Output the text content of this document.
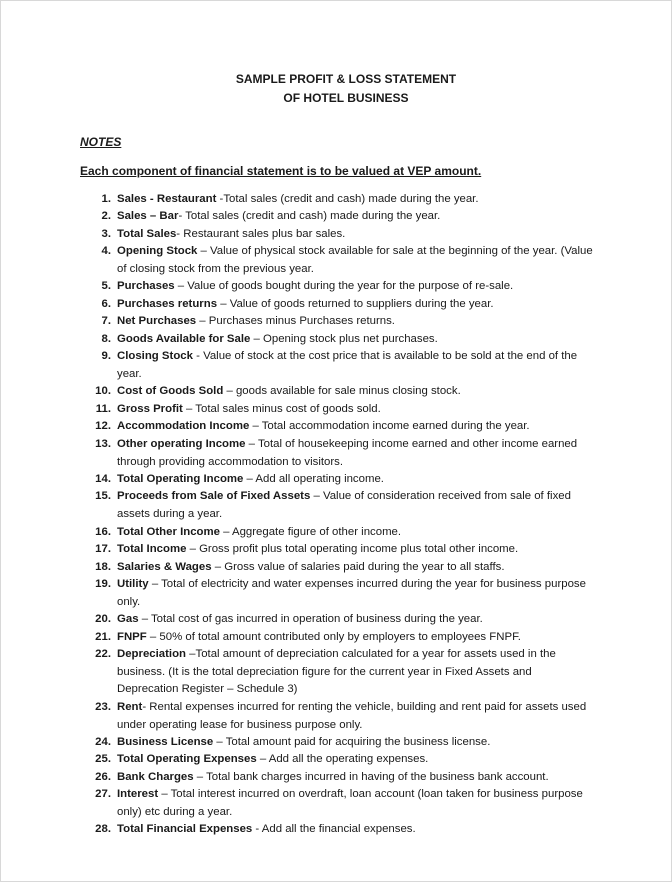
SAMPLE PROFIT & LOSS STATEMENT
OF HOTEL BUSINESS
NOTES
Each component of financial statement is to be valued at VEP amount.
1. Sales - Restaurant -Total sales (credit and cash) made during the year.
2. Sales – Bar- Total sales (credit and cash) made during the year.
3. Total Sales- Restaurant sales plus bar sales.
4. Opening Stock – Value of physical stock available for sale at the beginning of the year. (Value of closing stock from the previous year.
5. Purchases – Value of goods bought during the year for the purpose of re-sale.
6. Purchases returns – Value of goods returned to suppliers during the year.
7. Net Purchases – Purchases minus Purchases returns.
8. Goods Available for Sale – Opening stock plus net purchases.
9. Closing Stock - Value of stock at the cost price that is available to be sold at the end of the year.
10. Cost of Goods Sold – goods available for sale minus closing stock.
11. Gross Profit – Total sales minus cost of goods sold.
12. Accommodation Income – Total accommodation income earned during the year.
13. Other operating Income – Total of housekeeping income earned and other income earned through providing accommodation to visitors.
14. Total Operating Income – Add all operating income.
15. Proceeds from Sale of Fixed Assets – Value of consideration received from sale of fixed assets during a year.
16. Total Other Income – Aggregate figure of other income.
17. Total Income – Gross profit plus total operating income plus total other income.
18. Salaries & Wages – Gross value of salaries paid during the year to all staffs.
19. Utility – Total of electricity and water expenses incurred during the year for business purpose only.
20. Gas – Total cost of gas incurred in operation of business during the year.
21. FNPF – 50% of total amount contributed only by employers to employees FNPF.
22. Depreciation –Total amount of depreciation calculated for a year for assets used in the business. (It is the total depreciation figure for the current year in Fixed Assets and Deprecation Register – Schedule 3)
23. Rent- Rental expenses incurred for renting the vehicle, building and rent paid for assets used under operating lease for business purpose only.
24. Business License – Total amount paid for acquiring the business license.
25. Total Operating Expenses – Add all the operating expenses.
26. Bank Charges – Total bank charges incurred in having of the business bank account.
27. Interest – Total interest incurred on overdraft, loan account (loan taken for business purpose only) etc during a year.
28. Total Financial Expenses - Add all the financial expenses.
